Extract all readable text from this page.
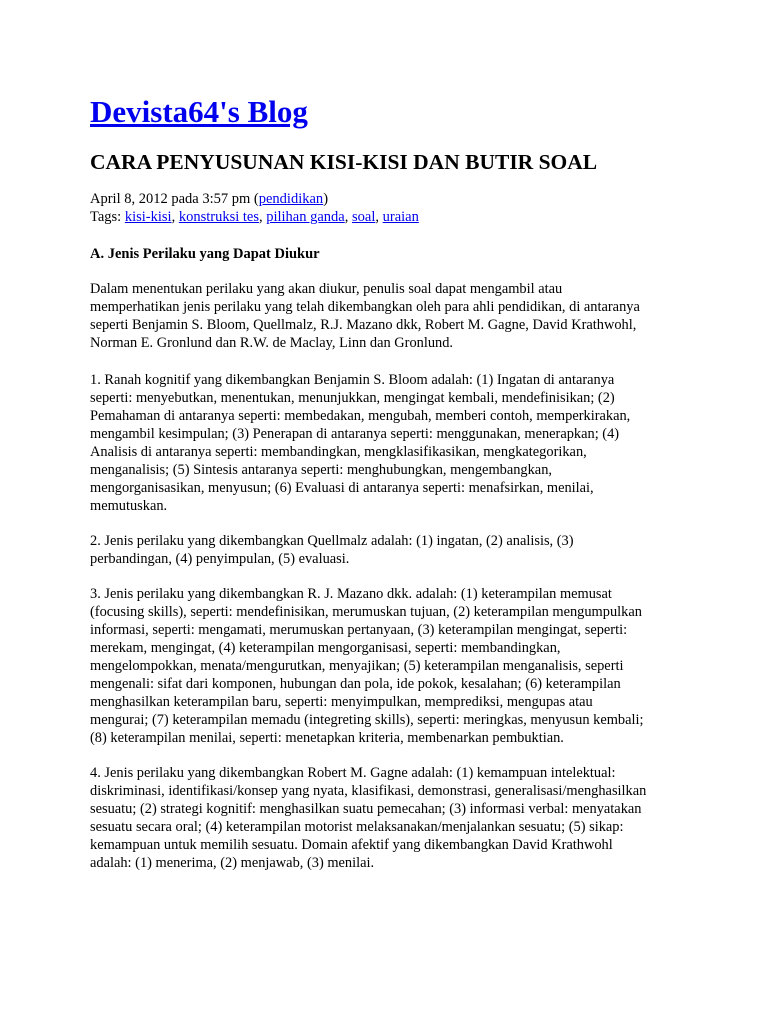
Devista64's Blog
CARA PENYUSUNAN KISI-KISI DAN BUTIR SOAL
April 8, 2012 pada 3:57 pm (pendidikan)
Tags: kisi-kisi, konstruksi tes, pilihan ganda, soal, uraian
A. Jenis Perilaku yang Dapat Diukur

Dalam menentukan perilaku yang akan diukur, penulis soal dapat mengambil atau
memperhatikan jenis perilaku yang telah dikembangkan oleh para ahli pendidikan, di antaranya
seperti Benjamin S. Bloom, Quellmalz, R.J. Mazano dkk, Robert M. Gagne, David Krathwohl,
Norman E. Gronlund dan R.W. de Maclay, Linn dan Gronlund.

1. Ranah kognitif yang dikembangkan Benjamin S. Bloom adalah: (1) Ingatan di antaranya
seperti: menyebutkan, menentukan, menunjukkan, mengingat kembali, mendefinisikan; (2)
Pemahaman di antaranya seperti: membedakan, mengubah, memberi contoh, memperkirakan,
mengambil kesimpulan; (3) Penerapan di antaranya seperti: menggunakan, menerapkan; (4)
Analisis di antaranya seperti: membandingkan, mengklasifikasikan, mengkategorikan,
menganalisis; (5) Sintesis antaranya seperti: menghubungkan, mengembangkan,
mengorganisasikan, menyusun; (6) Evaluasi di antaranya seperti: menafsirkan, menilai,
memutuskan.

2. Jenis perilaku yang dikembangkan Quellmalz adalah: (1) ingatan, (2) analisis, (3)
perbandingan, (4) penyimpulan, (5) evaluasi.

3. Jenis perilaku yang dikembangkan R. J. Mazano dkk. adalah: (1) keterampilan memusat
(focusing skills), seperti: mendefinisikan, merumuskan tujuan, (2) keterampilan mengumpulkan
informasi, seperti: mengamati, merumuskan pertanyaan, (3) keterampilan mengingat, seperti:
merekam, mengingat, (4) keterampilan mengorganisasi, seperti: membandingkan,
mengelompokkan, menata/mengurutkan, menyajikan; (5) keterampilan menganalisis, seperti
mengenali: sifat dari komponen, hubungan dan pola, ide pokok, kesalahan; (6) keterampilan
menghasilkan keterampilan baru, seperti: menyimpulkan, memprediksi, mengupas atau
mengurai; (7) keterampilan memadu (integreting skills), seperti: meringkas, menyusun kembali;
(8) keterampilan menilai, seperti: menetapkan kriteria, membenarkan pembuktian.

4. Jenis perilaku yang dikembangkan Robert M. Gagne adalah: (1) kemampuan intelektual:
diskriminasi, identifikasi/konsep yang nyata, klasifikasi, demonstrasi, generalisasi/menghasilkan
sesuatu; (2) strategi kognitif: menghasilkan suatu pemecahan; (3) informasi verbal: menyatakan
sesuatu secara oral; (4) keterampilan motorist melaksanakan/menjalankan sesuatu; (5) sikap:
kemampuan untuk memilih sesuatu. Domain afektif yang dikembangkan David Krathwohl
adalah: (1) menerima, (2) menjawab, (3) menilai.
